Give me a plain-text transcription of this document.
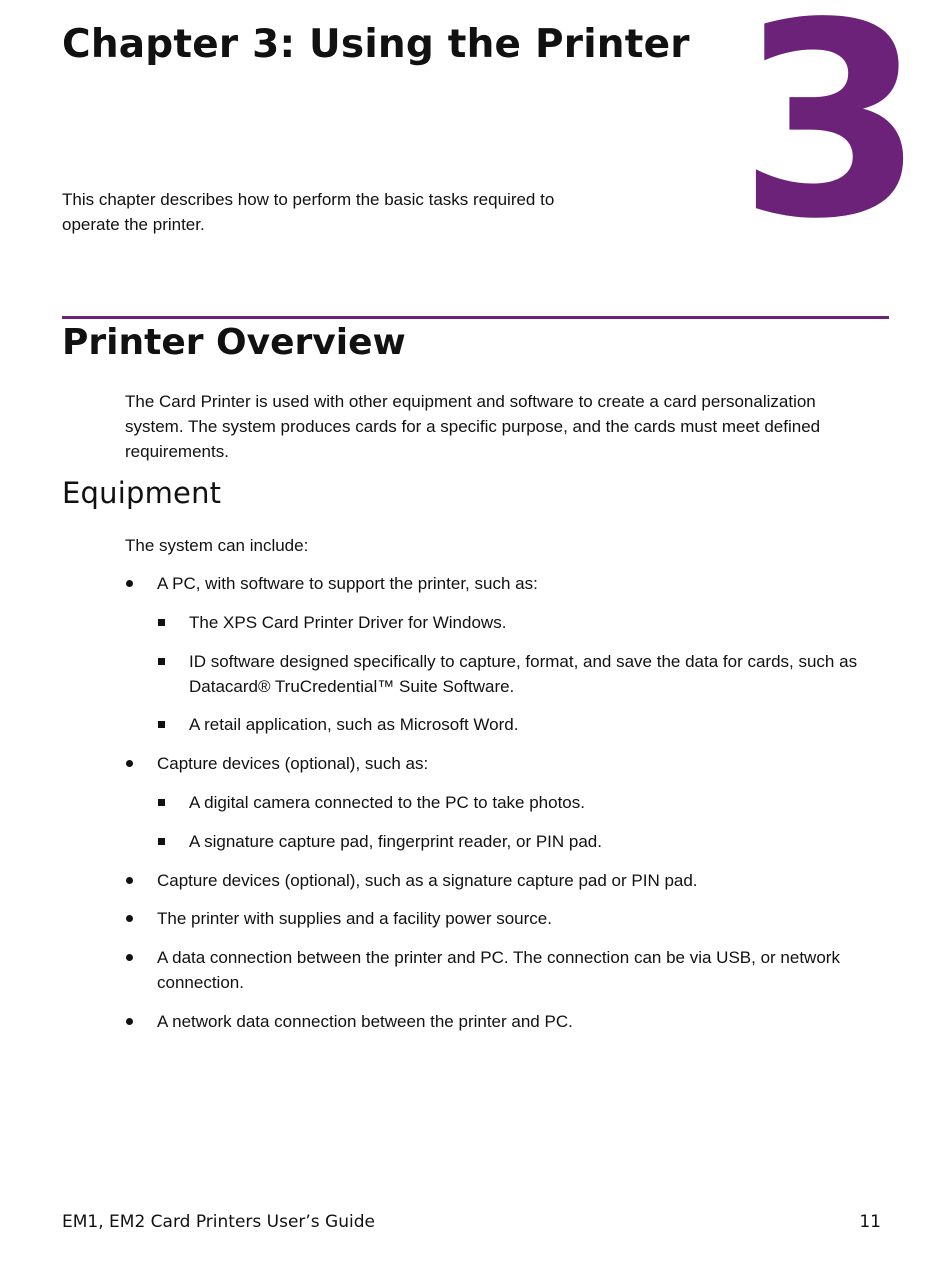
Chapter 3: Using the Printer 3
This chapter describes how to perform the basic tasks required to operate the printer.
Printer Overview
The Card Printer is used with other equipment and software to create a card personalization system. The system produces cards for a specific purpose, and the cards must meet defined requirements.
Equipment
The system can include:
A PC, with software to support the printer, such as:
The XPS Card Printer Driver for Windows.
ID software designed specifically to capture, format, and save the data for cards, such as Datacard® TruCredential™ Suite Software.
A retail application, such as Microsoft Word.
Capture devices (optional), such as:
A digital camera connected to the PC to take photos.
A signature capture pad, fingerprint reader, or PIN pad.
Capture devices (optional), such as a signature capture pad or PIN pad.
The printer with supplies and a facility power source.
A data connection between the printer and PC. The connection can be via USB, or network connection.
A network data connection between the printer and PC.
EM1, EM2 Card Printers User’s Guide	11
